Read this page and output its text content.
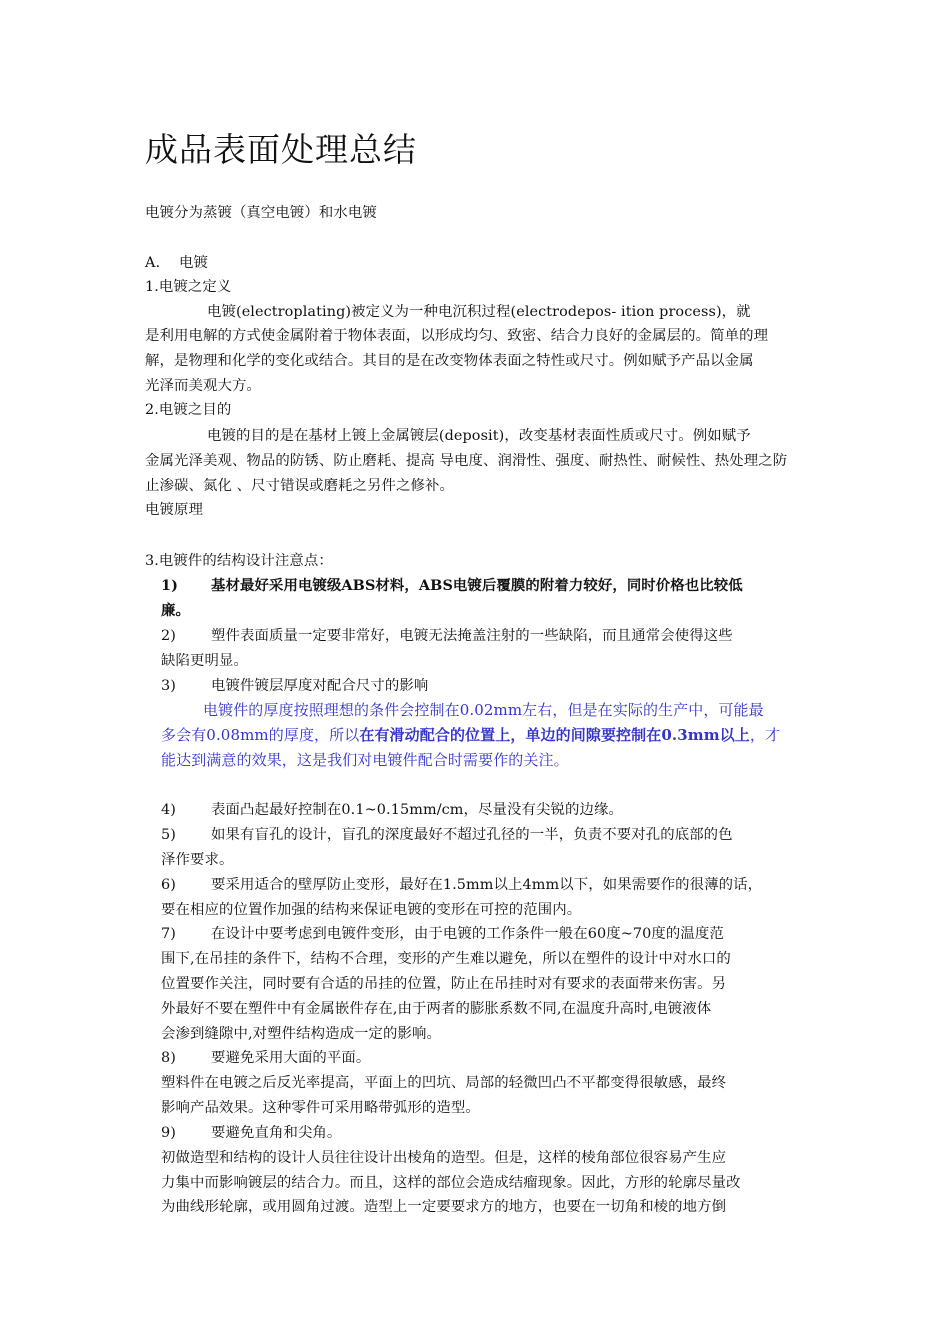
成品表面处理总结
电镀分为蒸镀（真空电镀）和水电镀
A. 电镀
1.电镀之定义
电镀(electroplating)被定义为一种电沉积过程(electrodepos- ition process)，就
是利用电解的方式使金属附着于物体表面，以形成均匀、致密、结合力良好的金属层的。简单的理
解，是物理和化学的变化或结合。其目的是在改变物体表面之特性或尺寸。例如赋予产品以金属
光泽而美观大方。
2.电镀之目的
电镀的目的是在基材上镀上金属镀层(deposit)，改变基材表面性质或尺寸。例如赋予
金属光泽美观、物品的防锈、防止磨耗、提高 导电度、润滑性、强度、耐热性、耐候性、热处理之防
止渗碳、氮化 、尺寸错误或磨耗之另件之修补。
电镀原理
3.电镀件的结构设计注意点：
1) 基材最好采用电镀级ABS材料，ABS电镀后覆膜的附着力较好，同时价格也比较低
廉。
2) 塑件表面质量一定要非常好，电镀无法掩盖注射的一些缺陷，而且通常会使得这些
缺陷更明显。
3) 电镀件镀层厚度对配合尺寸的影响
电镀件的厚度按照理想的条件会控制在0.02mm左右，但是在实际的生产中，可能最
多会有0.08mm的厚度，所以在有滑动配合的位置上，单边的间隙要控制在0.3mm以上，才
能达到满意的效果，这是我们对电镀件配合时需要作的关注。
4) 表面凸起最好控制在0.1~0.15mm/cm，尽量没有尖锐的边缘。
5) 如果有盲孔的设计，盲孔的深度最好不超过孔径的一半，负责不要对孔的底部的色
泽作要求。
6) 要采用适合的壁厚防止变形，最好在1.5mm以上4mm以下，如果需要作的很薄的话，
要在相应的位置作加强的结构来保证电镀的变形在可控的范围内。
7) 在设计中要考虑到电镀件变形，由于电镀的工作条件一般在60度~70度的温度范
围下,在吊挂的条件下，结构不合理，变形的产生难以避免，所以在塑件的设计中对水口的
位置要作关注，同时要有合适的吊挂的位置，防止在吊挂时对有要求的表面带来伤害。另
外最好不要在塑件中有金属嵌件存在,由于两者的膨胀系数不同,在温度升高时,电镀液体
会渗到缝隙中,对塑件结构造成一定的影响。
8) 要避免采用大面的平面。
塑料件在电镀之后反光率提高，平面上的凹坑、局部的轻微凹凸不平都变得很敏感，最终
影响产品效果。这种零件可采用略带弧形的造型。
9) 要避免直角和尖角。
初做造型和结构的设计人员往往设计出棱角的造型。但是，这样的棱角部位很容易产生应
力集中而影响镀层的结合力。而且，这样的部位会造成结瘤现象。因此，方形的轮廓尽量改
为曲线形轮廓，或用圆角过渡。造型上一定要要求方的地方，也要在一切角和棱的地方倒
